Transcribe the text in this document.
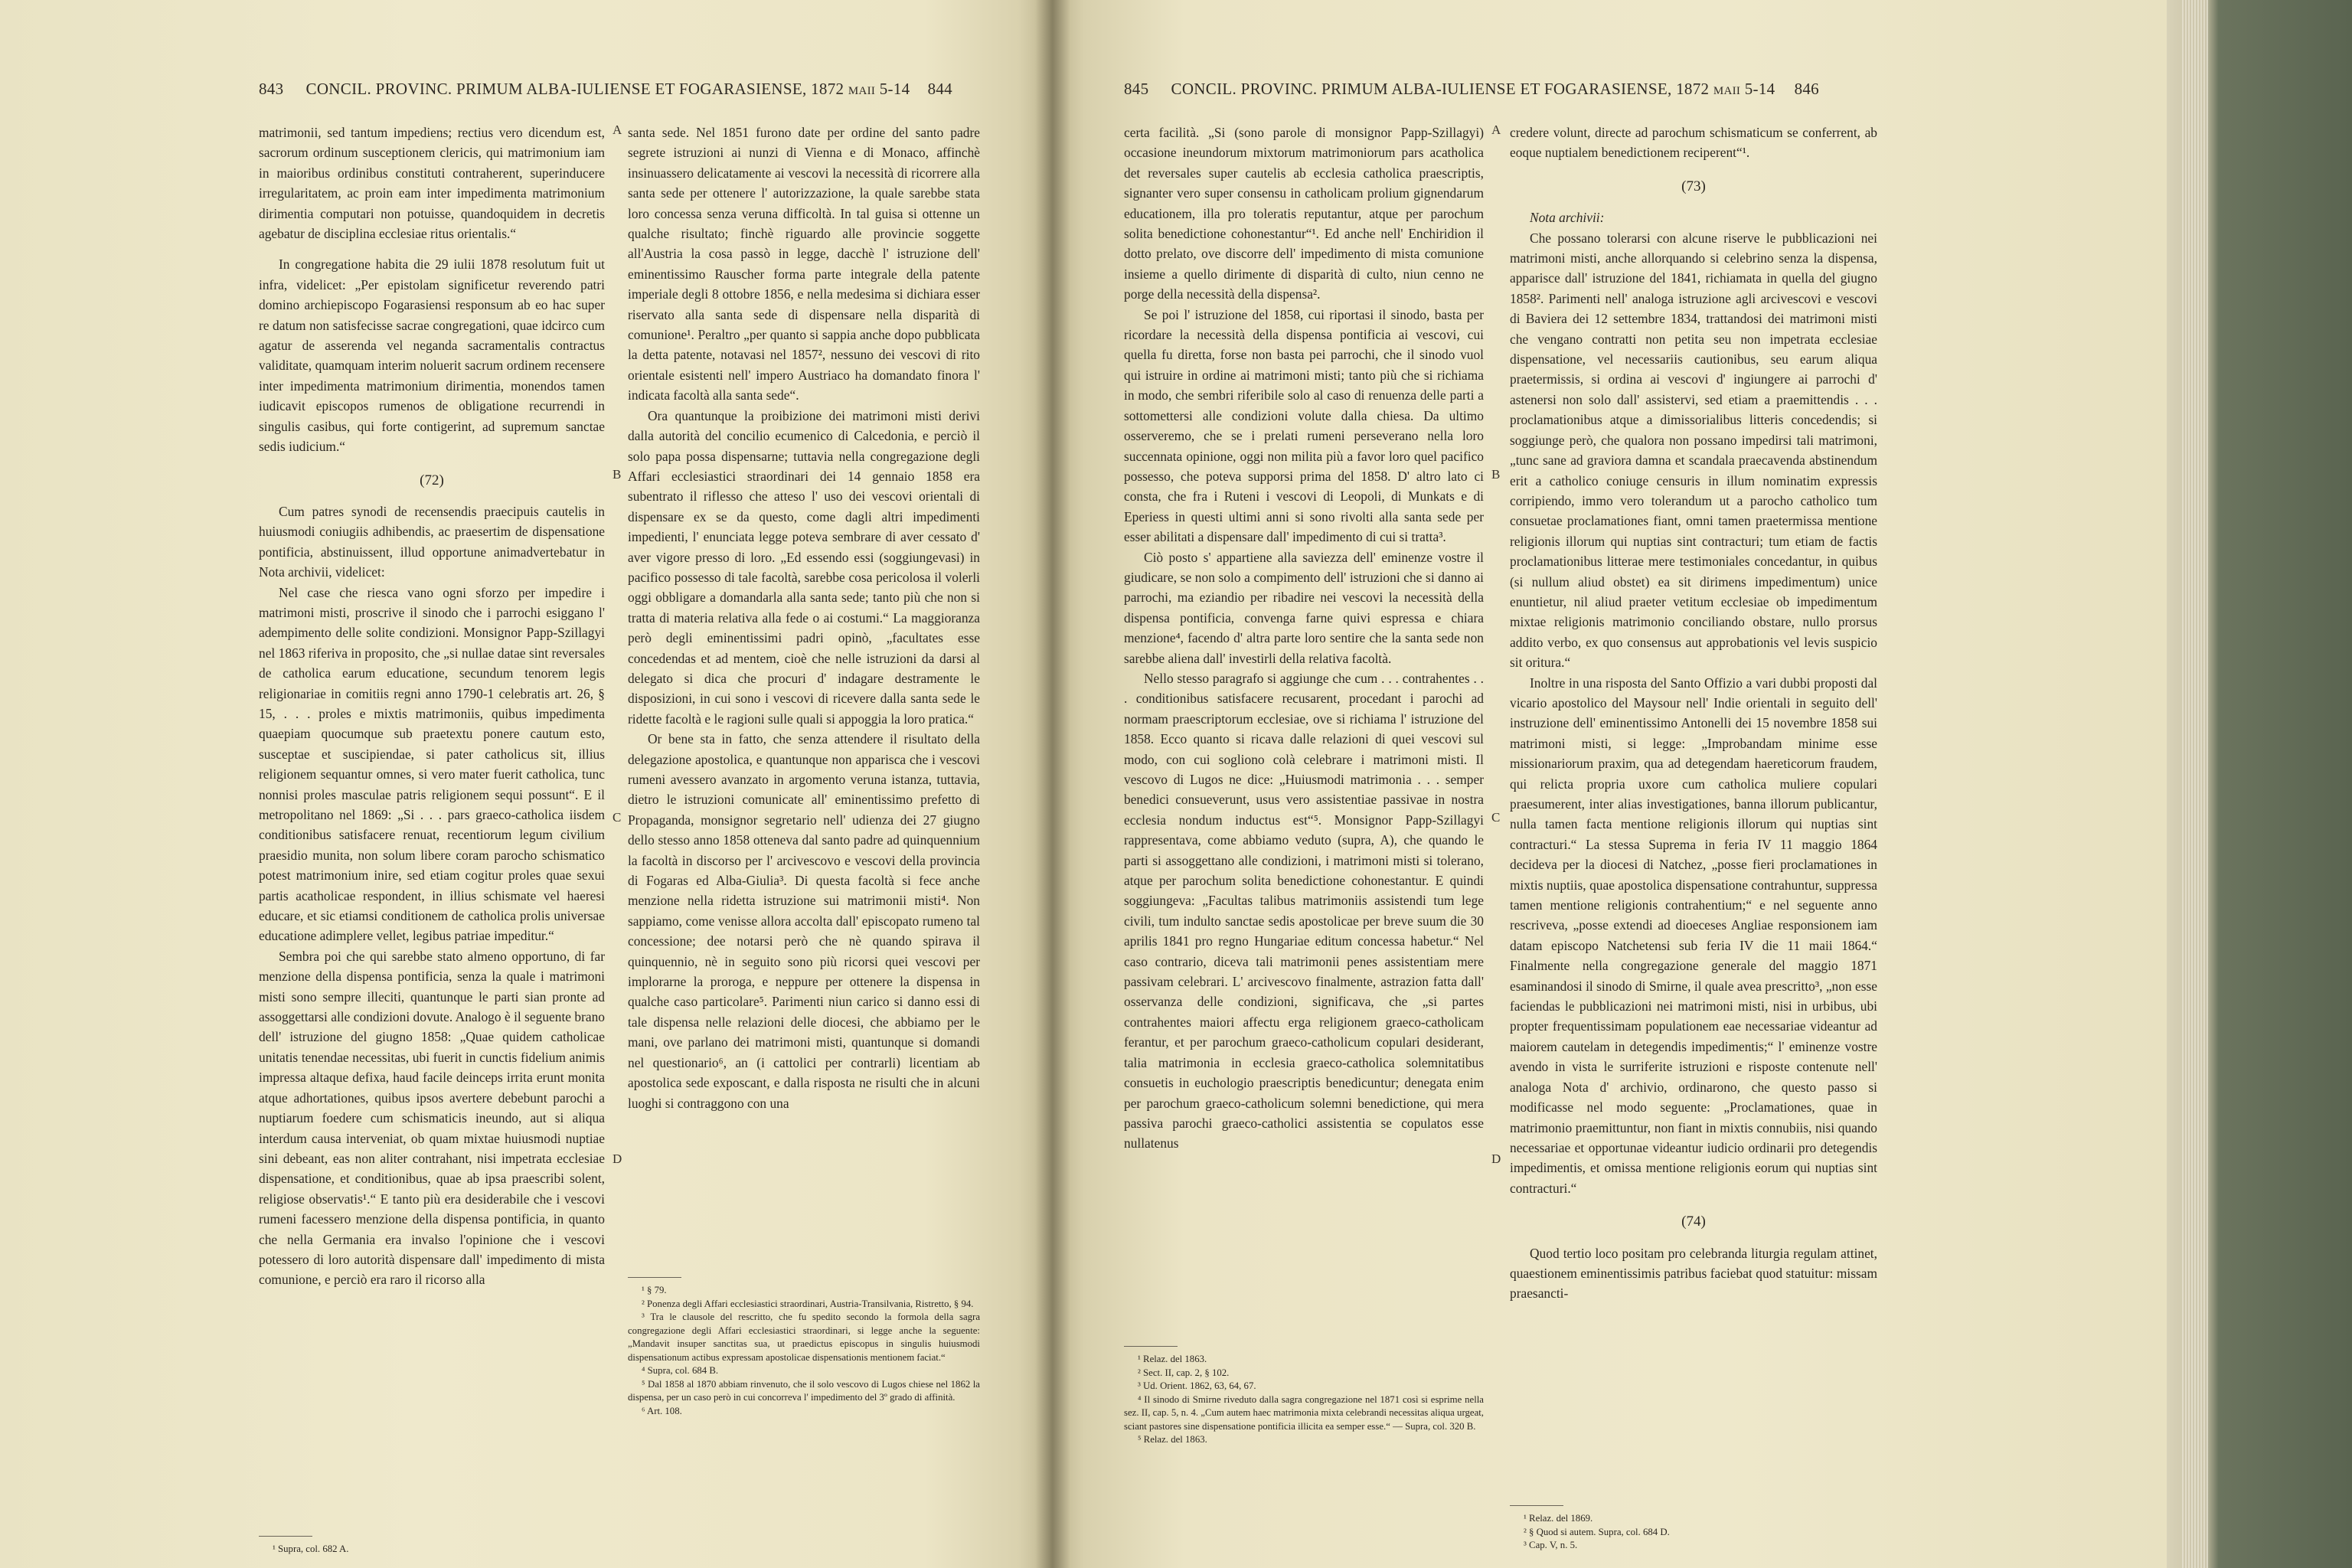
843 CONCIL. PROVINC. PRIMUM ALBA-IULIENSE ET FOGARASIENSE, 1872 maii 5-14 844

matrimonii, sed tantum impediens; rectius vero dicendum est, sacrorum ordinum susceptionem clericis, qui matrimonium iam in maioribus ordinibus constituti contraherent, superinducere irregularitatem, ac proin eam inter impedimenta matrimonium dirimentia computari non potuisse, quandoquidem in decretis agebatur de disciplina ecclesiae ritus orientalis.“

In congregatione habita die 29 iulii 1878 resolutum fuit ut infra, videlicet: „Per epistolam significetur reverendo patri domino archiepiscopo Fogarasiensi responsum ab eo hac super re datum non satisfecisse sacrae congregationi, quae idcirco cum agatur de asserenda vel neganda sacramentalis contractus validitate, quamquam interim noluerit sacrum ordinem recensere inter impedimenta matrimonium dirimentia, monendos tamen iudicavit episcopos rumenos de obligatione recurrendi in singulis casibus, qui forte contigerint, ad supremum sanctae sedis iudicium.“

(72)

Cum patres synodi de recensendis praecipuis cautelis in huiusmodi coniugiis adhibendis, ac praesertim de dispensatione pontificia, abstinuissent, illud opportune animadvertebatur in Nota archivii, videlicet:

Nel case che riesca vano ogni sforzo per impedire i matrimoni misti, proscrive il sinodo che i parrochi esiggano l' adempimento delle solite condizioni. Monsignor Papp-Szillagyi nel 1863 riferiva in proposito, che „si nullae datae sint reversales de catholica earum educatione, secundum tenorem legis religionariae in comitiis regni anno 1790-1 celebratis art. 26, § 15, . . . proles e mixtis matrimoniis, quibus impedimenta quaepiam quocumque sub praetextu ponere cautum esto, susceptae et suscipiendae, si pater catholicus sit, illius religionem sequantur omnes, si vero mater fuerit catholica, tunc nonnisi proles masculae patris religionem sequi possunt“. E il metropolitano nel 1869: „Si . . . pars graeco-catholica iisdem conditionibus satisfacere renuat, recentiorum legum civilium praesidio munita, non solum libere coram parocho schismatico potest matrimonium inire, sed etiam cogitur proles quae sexui partis acatholicae respondent, in illius schismate vel haeresi educare, et sic etiamsi conditionem de catholica prolis universae educatione adimplere vellet, legibus patriae impeditur.“

Sembra poi che qui sarebbe stato almeno opportuno, di far menzione della dispensa pontificia, senza la quale i matrimoni misti sono sempre illeciti, quantunque le parti sian pronte ad assoggettarsi alle condizioni dovute. Analogo è il seguente brano dell' istruzione del giugno 1858: „Quae quidem catholicae unitatis tenendae necessitas, ubi fuerit in cunctis fidelium animis impressa altaque defixa, haud facile deinceps irrita erunt monita atque adhortationes, quibus ipsos avertere debebunt parochi a nuptiarum foedere cum schismaticis ineundo, aut si aliqua interdum causa interveniat, ob quam mixtae huiusmodi nuptiae sini debeant, eas non aliter contrahant, nisi impetrata ecclesiae dispensatione, et conditionibus, quae ab ipsa praescribi solent, religiose observatis¹.“ E tanto più era desiderabile che i vescovi rumeni facessero menzione della dispensa pontificia, in quanto che nella Germania era invalso l'opinione che i vescovi potessero di loro autorità dispensare dall' impedimento di mista comunione, e perciò era raro il ricorso alla

¹ Supra, col. 682 A.

A
B
C
D

santa sede. Nel 1851 furono date per ordine del santo padre segrete istruzioni ai nunzi di Vienna e di Monaco, affinchè insinuassero delicatamente ai vescovi la necessità di ricorrere alla santa sede per ottenere l' autorizzazione, la quale sarebbe stata loro concessa senza veruna difficoltà. In tal guisa si ottenne un qualche risultato; finchè riguardo alle provincie soggette all'Austria la cosa passò in legge, dacchè l' istruzione dell' eminentissimo Rauscher forma parte integrale della patente imperiale degli 8 ottobre 1856, e nella medesima si dichiara esser riservato alla santa sede di dispensare nella disparità di comunione¹. Peraltro „per quanto si sappia anche dopo pubblicata la detta patente, notavasi nel 1857², nessuno dei vescovi di rito orientale esistenti nell' impero Austriaco ha domandato finora l' indicata facoltà alla santa sede“.

Ora quantunque la proibizione dei matrimoni misti derivi dalla autorità del concilio ecumenico di Calcedonia, e perciò il solo papa possa dispensarne; tuttavia nella congregazione degli Affari ecclesiastici straordinari dei 14 gennaio 1858 era subentrato il riflesso che atteso l' uso dei vescovi orientali di dispensare ex se da questo, come dagli altri impedimenti impedienti, l' enunciata legge poteva sembrare di aver cessato d' aver vigore presso di loro. „Ed essendo essi (soggiungevasi) in pacifico possesso di tale facoltà, sarebbe cosa pericolosa il volerli oggi obbligare a domandarla alla santa sede; tanto più che non si tratta di materia relativa alla fede o ai costumi.“ La maggioranza però degli eminentissimi padri opinò, „facultates esse concedendas et ad mentem, cioè che nelle istruzioni da darsi al delegato si dica che procuri d' indagare destramente le disposizioni, in cui sono i vescovi di ricevere dalla santa sede le ridette facoltà e le ragioni sulle quali si appoggia la loro pratica.“

Or bene sta in fatto, che senza attendere il risultato della delegazione apostolica, e quantunque non apparisca che i vescovi rumeni avessero avanzato in argomento veruna istanza, tuttavia, dietro le istruzioni comunicate all' eminentissimo prefetto di Propaganda, monsignor segretario nell' udienza dei 27 giugno dello stesso anno 1858 otteneva dal santo padre ad quinquennium la facoltà in discorso per l' arcivescovo e vescovi della provincia di Fogaras ed Alba-Giulia³. Di questa facoltà si fece anche menzione nella ridetta istruzione sui matrimonii misti⁴. Non sappiamo, come venisse allora accolta dall' episcopato rumeno tal concessione; dee notarsi però che nè quando spirava il quinquennio, nè in seguito sono più ricorsi quei vescovi per implorarne la proroga, e neppure per ottenere la dispensa in qualche caso particolare⁵. Parimenti niun carico si danno essi di tale dispensa nelle relazioni delle diocesi, che abbiamo per le mani, ove parlano dei matrimoni misti, quantunque si domandi nel questionario⁶, an (i cattolici per contrarli) licentiam ab apostolica sede exposcant, e dalla risposta ne risulti che in alcuni luoghi si contraggono con una

¹ § 79.

² Ponenza degli Affari ecclesiastici straordinari, Austria-Transilvania, Ristretto, § 94.

³ Tra le clausole del rescritto, che fu spedito secondo la formola della sagra congregazione degli Affari ecclesiastici straordinari, si legge anche la seguente: „Mandavit insuper sanctitas sua, ut praedictus episcopus in singulis huiusmodi dispensationum actibus expressam apostolicae dispensationis mentionem faciat.“

⁴ Supra, col. 684 B.

⁵ Dal 1858 al 1870 abbiam rinvenuto, che il solo vescovo di Lugos chiese nel 1862 la dispensa, per un caso però in cui concorreva l' impedimento del 3º grado di affinità.

⁶ Art. 108.

845 CONCIL. PROVINC. PRIMUM ALBA-IULIENSE ET FOGARASIENSE, 1872 maii 5-14 846

certa facilità. „Si (sono parole di monsignor Papp-Szillagyi) occasione ineundorum mixtorum matrimoniorum pars acatholica det reversales super cautelis ab ecclesia catholica praescriptis, signanter vero super consensu in catholicam prolium gignendarum educationem, illa pro toleratis reputantur, atque per parochum solita benedictione cohonestantur“¹. Ed anche nell' Enchiridion il dotto prelato, ove discorre dell' impedimento di mista comunione insieme a quello dirimente di disparità di culto, niun cenno ne porge della necessità della dispensa².

Se poi l' istruzione del 1858, cui riportasi il sinodo, basta per ricordare la necessità della dispensa pontificia ai vescovi, cui quella fu diretta, forse non basta pei parrochi, che il sinodo vuol qui istruire in ordine ai matrimoni misti; tanto più che si richiama in modo, che sembri riferibile solo al caso di renuenza delle parti a sottomettersi alle condizioni volute dalla chiesa. Da ultimo osserveremo, che se i prelati rumeni perseverano nella loro succennata opinione, oggi non milita più a favor loro quel pacifico possesso, che poteva supporsi prima del 1858. D' altro lato ci consta, che fra i Ruteni i vescovi di Leopoli, di Munkats e di Eperiess in questi ultimi anni si sono rivolti alla santa sede per esser abilitati a dispensare dall' impedimento di cui si tratta³.

Ciò posto s' appartiene alla saviezza dell' eminenze vostre il giudicare, se non solo a compimento dell' istruzioni che si danno ai parrochi, ma eziandio per ribadire nei vescovi la necessità della dispensa pontificia, convenga farne quivi espressa e chiara menzione⁴, facendo d' altra parte loro sentire che la santa sede non sarebbe aliena dall' investirli della relativa facoltà.

Nello stesso paragrafo si aggiunge che cum . . . contrahentes . . . conditionibus satisfacere recusarent, procedant i parochi ad normam praescriptorum ecclesiae, ove si richiama l' istruzione del 1858. Ecco quanto si ricava dalle relazioni di quei vescovi sul modo, con cui sogliono colà celebrare i matrimoni misti. Il vescovo di Lugos ne dice: „Huiusmodi matrimonia . . . semper benedici consueverunt, usus vero assistentiae passivae in nostra ecclesia nondum inductus est“⁵. Monsignor Papp-Szillagyi rappresentava, come abbiamo veduto (supra, A), che quando le parti si assoggettano alle condizioni, i matrimoni misti si tolerano, atque per parochum solita benedictione cohonestantur. E quindi soggiungeva: „Facultas talibus matrimoniis assistendi tum lege civili, tum indulto sanctae sedis apostolicae per breve suum die 30 aprilis 1841 pro regno Hungariae editum concessa habetur.“ Nel caso contrario, diceva tali matrimonii penes assistentiam mere passivam celebrari. L' arcivescovo finalmente, astrazion fatta dall' osservanza delle condizioni, significava, che „si partes contrahentes maiori affectu erga religionem graeco-catholicam ferantur, et per parochum graeco-catholicum copulari desiderant, talia matrimonia in ecclesia graeco-catholica solemnitatibus consuetis in euchologio praescriptis benedicuntur; denegata enim per parochum graeco-catholicum solemni benedictione, qui mera passiva parochi graeco-catholici assistentia se copulatos esse nullatenus

¹ Relaz. del 1863.

² Sect. II, cap. 2, § 102.

³ Ud. Orient. 1862, 63, 64, 67.

⁴ Il sinodo di Smirne riveduto dalla sagra congregazione nel 1871 così si esprime nella sez. II, cap. 5, n. 4. „Cum autem haec matrimonia mixta celebrandi necessitas aliqua urgeat, sciant pastores sine dispensatione pontificia illicita ea semper esse.“ — Supra, col. 320 B.

⁵ Relaz. del 1863.

A
B
C
D

credere volunt, directe ad parochum schismaticum se conferrent, ab eoque nuptialem benedictionem reciperent“¹.

(73)

Nota archivii:

Che possano tolerarsi con alcune riserve le pubblicazioni nei matrimoni misti, anche allorquando si celebrino senza la dispensa, apparisce dall' istruzione del 1841, richiamata in quella del giugno 1858². Parimenti nell' analoga istruzione agli arcivescovi e vescovi di Baviera dei 12 settembre 1834, trattandosi dei matrimoni misti che vengano contratti non petita seu non impetrata ecclesiae dispensatione, vel necessariis cautionibus, seu earum aliqua praetermissis, si ordina ai vescovi d' ingiungere ai parrochi d' astenersi non solo dall' assistervi, sed etiam a praemittendis . . . proclamationibus atque a dimissorialibus litteris concedendis; si soggiunge però, che qualora non possano impedirsi tali matrimoni, „tunc sane ad graviora damna et scandala praecavenda abstinendum erit a catholico coniuge censuris in illum nominatim expressis corripiendo, immo vero tolerandum ut a parocho catholico tum consuetae proclamationes fiant, omni tamen praetermissa mentione religionis illorum qui nuptias sint contracturi; tum etiam de factis proclamationibus litterae mere testimoniales concedantur, in quibus (si nullum aliud obstet) ea sit dirimens impedimentum) unice enuntietur, nil aliud praeter vetitum ecclesiae ob impedimentum mixtae religionis matrimonio conciliando obstare, nullo prorsus addito verbo, ex quo consensus aut approbationis vel levis suspicio sit oritura.“

Inoltre in una risposta del Santo Offizio a vari dubbi proposti dal vicario apostolico del Maysour nell' Indie orientali in seguito dell' instruzione dell' eminentissimo Antonelli dei 15 novembre 1858 sui matrimoni misti, si legge: „Improbandam minime esse missionariorum praxim, qua ad detegendam haereticorum fraudem, qui relicta propria uxore cum catholica muliere copulari praesumerent, inter alias investigationes, banna illorum publicantur, nulla tamen facta mentione religionis illorum qui nuptias sint contracturi.“ La stessa Suprema in feria IV 11 maggio 1864 decideva per la diocesi di Natchez, „posse fieri proclamationes in mixtis nuptiis, quae apostolica dispensatione contrahuntur, suppressa tamen mentione religionis contrahentium;“ e nel seguente anno rescriveva, „posse extendi ad dioeceses Angliae responsionem iam datam episcopo Natchetensi sub feria IV die 11 maii 1864.“ Finalmente nella congregazione generale del maggio 1871 esaminandosi il sinodo di Smirne, il quale avea prescritto³, „non esse faciendas le pubblicazioni nei matrimoni misti, nisi in urbibus, ubi propter frequentissimam populationem eae necessariae videantur ad maiorem cautelam in detegendis impedimentis;“ l' eminenze vostre avendo in vista le surriferite istruzioni e risposte contenute nell' analoga Nota d' archivio, ordinarono, che questo passo si modificasse nel modo seguente: „Proclamationes, quae in matrimonio praemittuntur, non fiant in mixtis connubiis, nisi quando necessariae et opportunae videantur iudicio ordinarii pro detegendis impedimentis, et omissa mentione religionis eorum qui nuptias sint contracturi.“

(74)

Quod tertio loco positam pro celebranda liturgia regulam attinet, quaestionem eminentissimis patribus faciebat quod statuitur: missam praesancti-

¹ Relaz. del 1869.

² § Quod si autem. Supra, col. 684 D.

³ Cap. V, n. 5.
